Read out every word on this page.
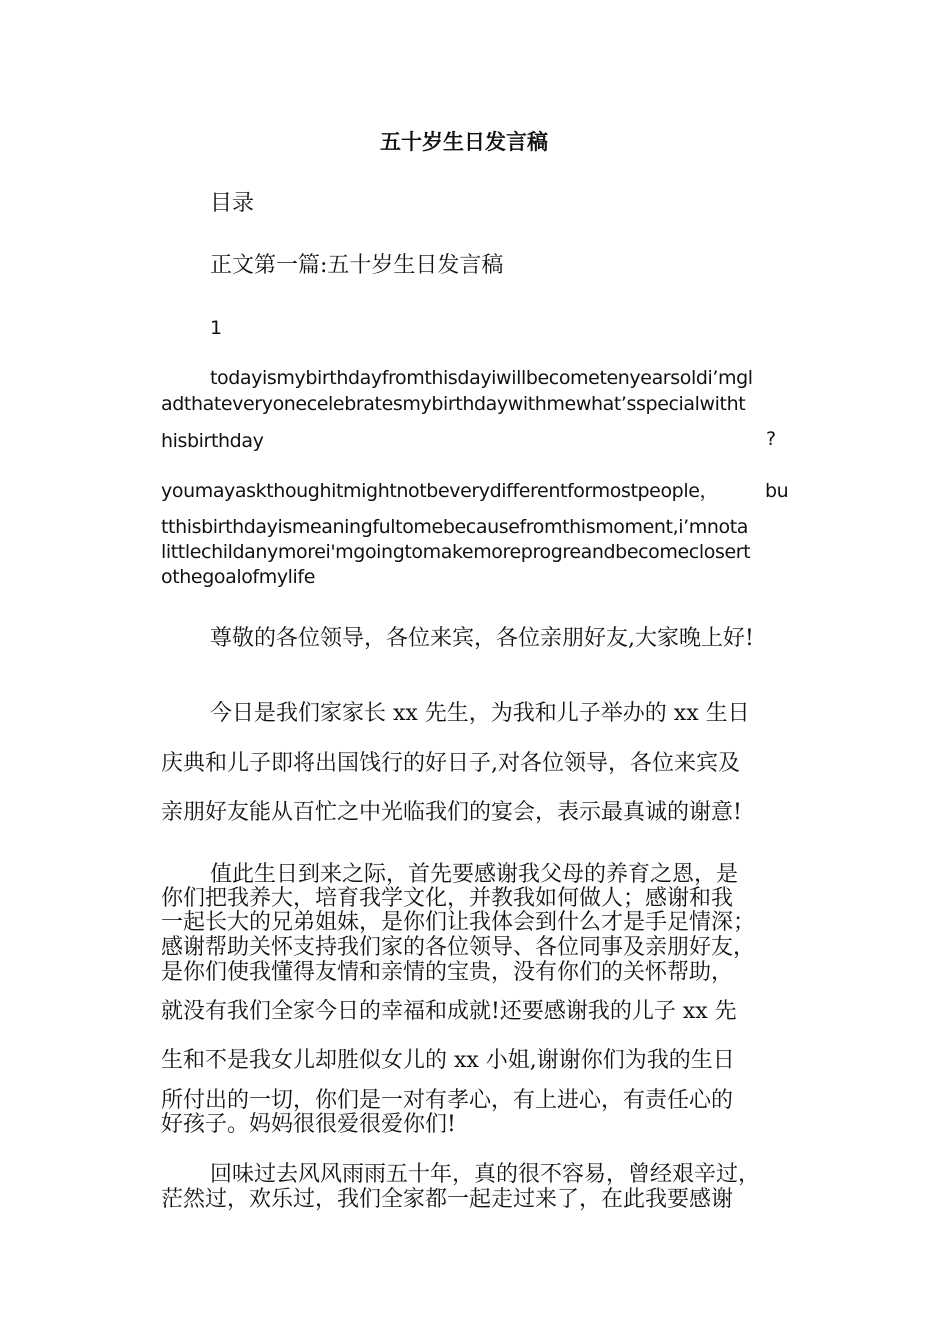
五十岁生日发言稿
目录
正文第一篇:五十岁生日发言稿
1
todayismybirthdayfromthisdayiwillbecometenyearsoldi’mgl
adthateveryonecelebratesmybirthdaywithmewhat’sspecialwitht
hisbirthday	?
youmayaskthoughitmightnotbeverydifferentformostpeople， bu
tthisbirthdayismeaningfultomebecausefromthismoment,i’mnota
littlechildanymorei'mgoingtomakemoreprogreandbecomeclosert
othegoalofmylife
尊敬的各位领导，各位来宾，各位亲朋好友,大家晚上好!
今日是我们家家长 xx 先生，为我和儿子举办的 xx 生日
庆典和儿子即将出国饯行的好日子,对各位领导，各位来宾及
亲朋好友能从百忙之中光临我们的宴会，表示最真诚的谢意!
值此生日到来之际，首先要感谢我父母的养育之恩，是
你们把我养大，培育我学文化，并教我如何做人；感谢和我
一起长大的兄弟姐妹，是你们让我体会到什么才是手足情深；
感谢帮助关怀支持我们家的各位领导、各位同事及亲朋好友，
是你们使我懂得友情和亲情的宝贵，没有你们的关怀帮助，
就没有我们全家今日的幸福和成就!还要感谢我的儿子 xx 先
生和不是我女儿却胜似女儿的 xx 小姐,谢谢你们为我的生日
所付出的一切，你们是一对有孝心，有上进心，有责任心的
好孩子。妈妈很很爱很爱你们!
回味过去风风雨雨五十年，真的很不容易，曾经艰辛过，
茫然过，欢乐过，我们全家都一起走过来了，在此我要感谢
